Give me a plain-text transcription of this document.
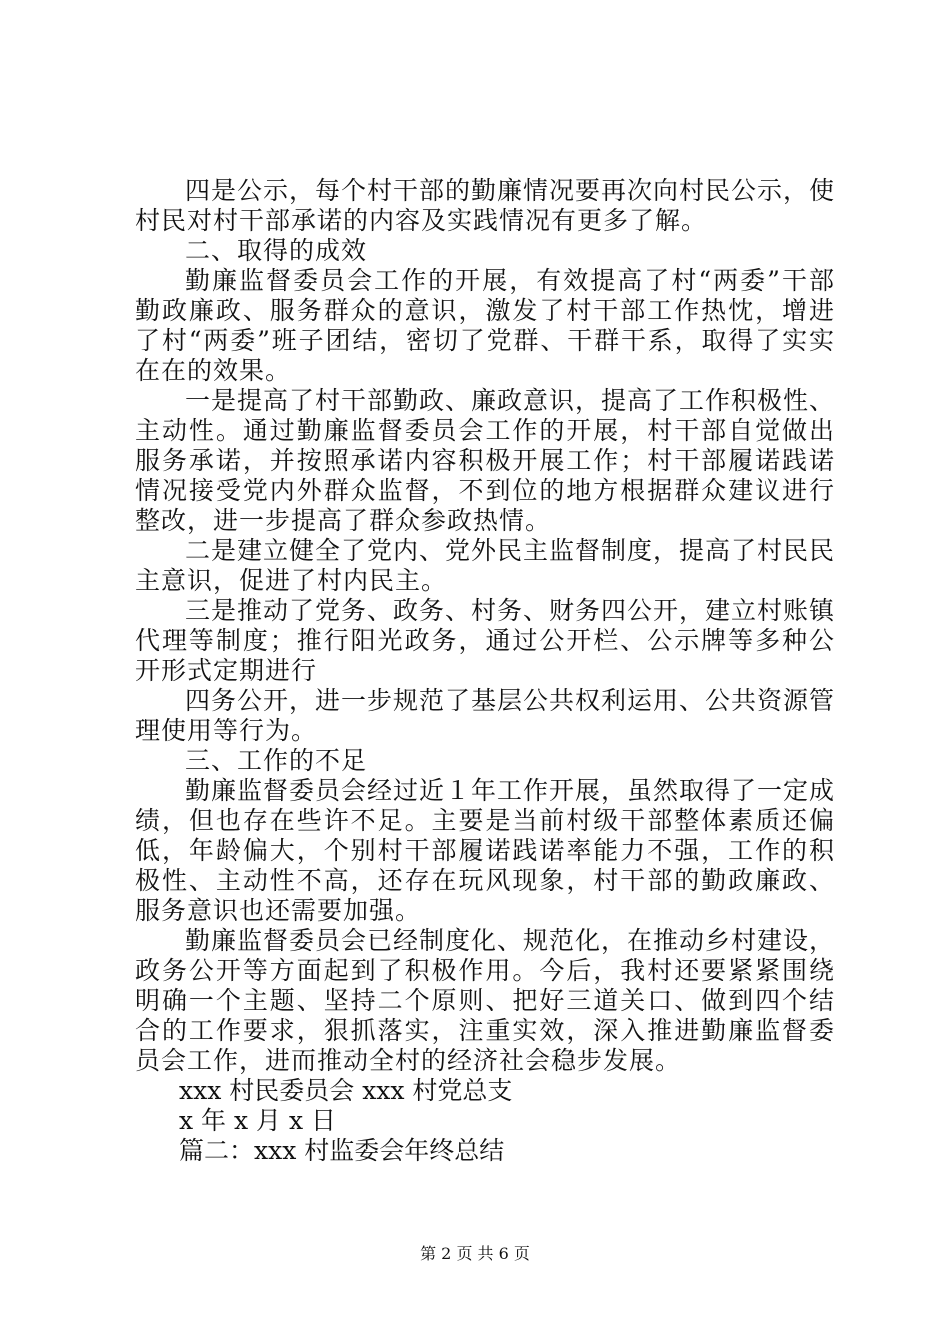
四是公示，每个村干部的勤廉情况要再次向村民公示，使村民对村干部承诺的内容及实践情况有更多了解。

二、取得的成效

勤廉监督委员会工作的开展，有效提高了村“两委”干部勤政廉政、服务群众的意识，激发了村干部工作热忱，增进了村“两委”班子团结，密切了党群、干群干系，取得了实实在在的效果。

一是提高了村干部勤政、廉政意识，提高了工作积极性、主动性。通过勤廉监督委员会工作的开展，村干部自觉做出服务承诺，并按照承诺内容积极开展工作；村干部履诺践诺情况接受党内外群众监督，不到位的地方根据群众建议进行整改，进一步提高了群众参政热情。

二是建立健全了党内、党外民主监督制度，提高了村民民主意识，促进了村内民主。

三是推动了党务、政务、村务、财务四公开，建立村账镇代理等制度；推行阳光政务，通过公开栏、公示牌等多种公开形式定期进行

四务公开，进一步规范了基层公共权利运用、公共资源管理使用等行为。

三、工作的不足

勤廉监督委员会经过近１年工作开展，虽然取得了一定成绩，但也存在些许不足。主要是当前村级干部整体素质还偏低，年龄偏大，个别村干部履诺践诺率能力不强，工作的积极性、主动性不高，还存在玩风现象，村干部的勤政廉政、服务意识也还需要加强。

勤廉监督委员会已经制度化、规范化，在推动乡村建设，政务公开等方面起到了积极作用。今后，我村还要紧紧围绕明确一个主题、坚持二个原则、把好三道关口、做到四个结合的工作要求，狠抓落实，注重实效，深入推进勤廉监督委员会工作，进而推动全村的经济社会稳步发展。

xxx 村民委员会 xxx 村党总支

x 年 x 月 x 日

篇二：xxx 村监委会年终总结

第 2 页 共 6 页
